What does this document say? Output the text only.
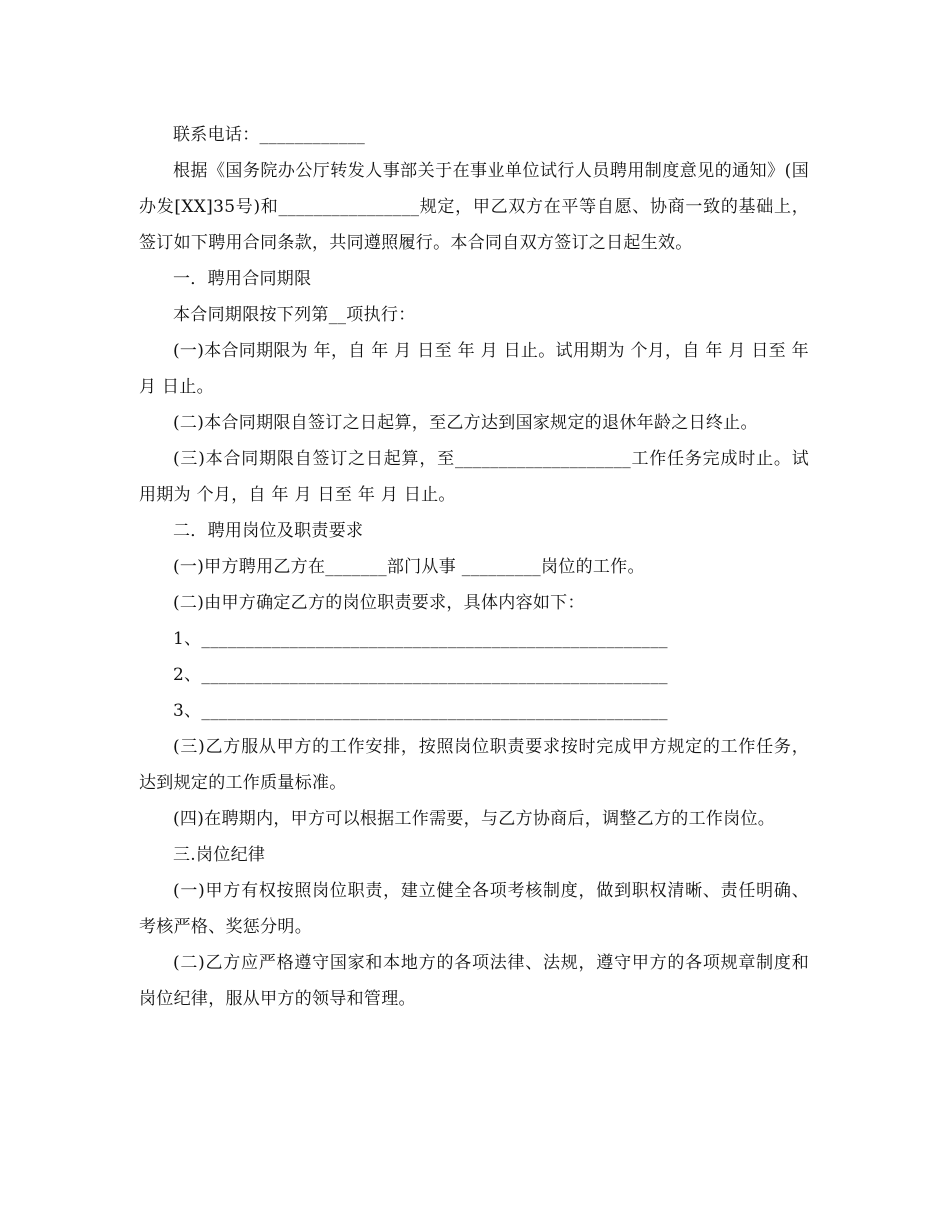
联系电话：____________

根据《国务院办公厅转发人事部关于在事业单位试行人员聘用制度意见的通知》(国办发[XX]35号)和________________规定，甲乙双方在平等自愿、协商一致的基础上，签订如下聘用合同条款，共同遵照履行。本合同自双方签订之日起生效。

一．聘用合同期限

本合同期限按下列第__项执行：

(一)本合同期限为 年，自 年 月 日至 年 月 日止。试用期为 个月，自 年 月 日至 年 月 日止。

(二)本合同期限自签订之日起算，至乙方达到国家规定的退休年龄之日终止。

(三)本合同期限自签订之日起算，至____________________工作任务完成时止。试用期为 个月，自 年 月 日至 年 月 日止。

二．聘用岗位及职责要求

(一)甲方聘用乙方在_______部门从事 _________岗位的工作。

(二)由甲方确定乙方的岗位职责要求，具体内容如下：

1、_____________________________________________________

2、_____________________________________________________

3、_____________________________________________________

(三)乙方服从甲方的工作安排，按照岗位职责要求按时完成甲方规定的工作任务，达到规定的工作质量标准。

(四)在聘期内，甲方可以根据工作需要，与乙方协商后，调整乙方的工作岗位。

三.岗位纪律

(一)甲方有权按照岗位职责，建立健全各项考核制度，做到职权清晰、责任明确、考核严格、奖惩分明。

(二)乙方应严格遵守国家和本地方的各项法律、法规，遵守甲方的各项规章制度和岗位纪律，服从甲方的领导和管理。
